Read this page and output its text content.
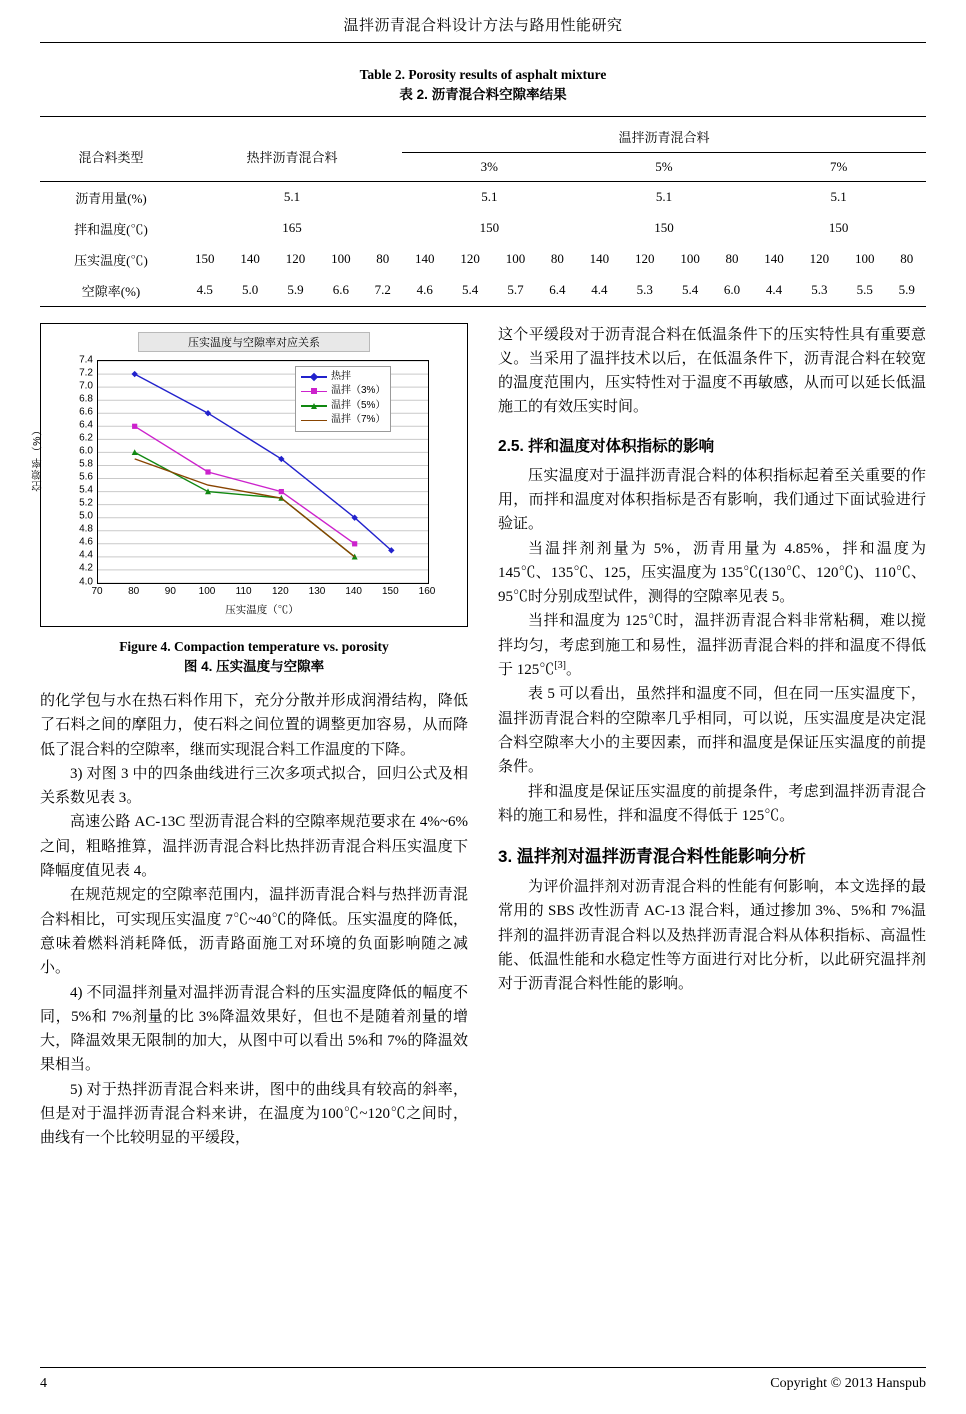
温拌沥青混合料设计方法与路用性能研究
Table 2. Porosity results of asphalt mixture
表 2. 沥青混合料空隙率结果
混合料类型	热拌沥青混合料					温拌沥青混合料											
						3%				5%				7%			
沥青用量(%)	5.1					5.1				5.1				5.1			
拌和温度(℃)	165					150				150				150			
压实温度(℃)	150	140	120	100	80	140	120	100	80	140	120	100	80	140	120	100	80
空隙率(%)	4.5	5.0	5.9	6.6	7.2	4.6	5.4	5.7	6.4	4.4	5.3	5.4	6.0	4.4	5.3	5.5	5.9
压实温度与空隙率对应关系
空隙率（%）
7.4
7.2
7.0
6.8
6.6
6.4
6.2
6.0
5.8
5.6
5.4
5.2
5.0
4.8
4.6
4.4
4.2
4.0
70	80	90 100 110 120 130 140 150 160
压实温度（℃）
热拌
温拌（3%）
温拌（5%）
温拌（7%）
Figure 4. Compaction temperature vs. porosity
图 4. 压实温度与空隙率

的化学包与水在热石料作用下，充分分散并形成润滑结构，降低了石料之间的摩阻力，使石料之间位置的调整更加容易，从而降低了混合料的空隙率，继而实现混合料工作温度的下降。

3) 对图 3 中的四条曲线进行三次多项式拟合，回归公式及相关系数见表 3。

高速公路 AC-13C 型沥青混合料的空隙率规范要求在 4%~6%之间，粗略推算，温拌沥青混合料比热拌沥青混合料压实温度下降幅度值见表 4。

在规范规定的空隙率范围内，温拌沥青混合料与热拌沥青混合料相比，可实现压实温度 7℃~40℃的降低。压实温度的降低，意味着燃料消耗降低，沥青路面施工对环境的负面影响随之减小。

4) 不同温拌剂量对温拌沥青混合料的压实温度降低的幅度不同，5%和 7%剂量的比 3%降温效果好，但也不是随着剂量的增大，降温效果无限制的加大，从图中可以看出 5%和 7%的降温效果相当。

5) 对于热拌沥青混合料来讲，图中的曲线具有较高的斜率，但是对于温拌沥青混合料来讲，在温度为100℃~120℃之间时，曲线有一个比较明显的平缓段，

这个平缓段对于沥青混合料在低温条件下的压实特性具有重要意义。当采用了温拌技术以后，在低温条件下，沥青混合料在较宽的温度范围内，压实特性对于温度不再敏感，从而可以延长低温施工的有效压实时间。

2.5. 拌和温度对体积指标的影响

压实温度对于温拌沥青混合料的体积指标起着至关重要的作用，而拌和温度对体积指标是否有影响，我们通过下面试验进行验证。

当温拌剂剂量为 5%，沥青用量为 4.85%，拌和温度为 145℃、135℃、125，压实温度为 135℃(130℃、120℃)、110℃、95℃时分别成型试件，测得的空隙率见表 5。

当拌和温度为 125℃时，温拌沥青混合料非常粘稠，难以搅拌均匀，考虑到施工和易性，温拌沥青混合料的拌和温度不得低于 125℃[3]。

表 5 可以看出，虽然拌和温度不同，但在同一压实温度下，温拌沥青混合料的空隙率几乎相同，可以说，压实温度是决定混合料空隙率大小的主要因素，而拌和温度是保证压实温度的前提条件。

拌和温度是保证压实温度的前提条件，考虑到温拌沥青混合料的施工和易性，拌和温度不得低于 125℃。

3. 温拌剂对温拌沥青混合料性能影响分析

为评价温拌剂对沥青混合料的性能有何影响，本文选择的最常用的 SBS 改性沥青 AC-13 混合料，通过掺加 3%、5%和 7%温拌剂的温拌沥青混合料以及热拌沥青混合料从体积指标、高温性能、低温性能和水稳定性等方面进行对比分析，以此研究温拌剂对于沥青混合料性能的影响。

4	Copyright © 2013 Hanspub
